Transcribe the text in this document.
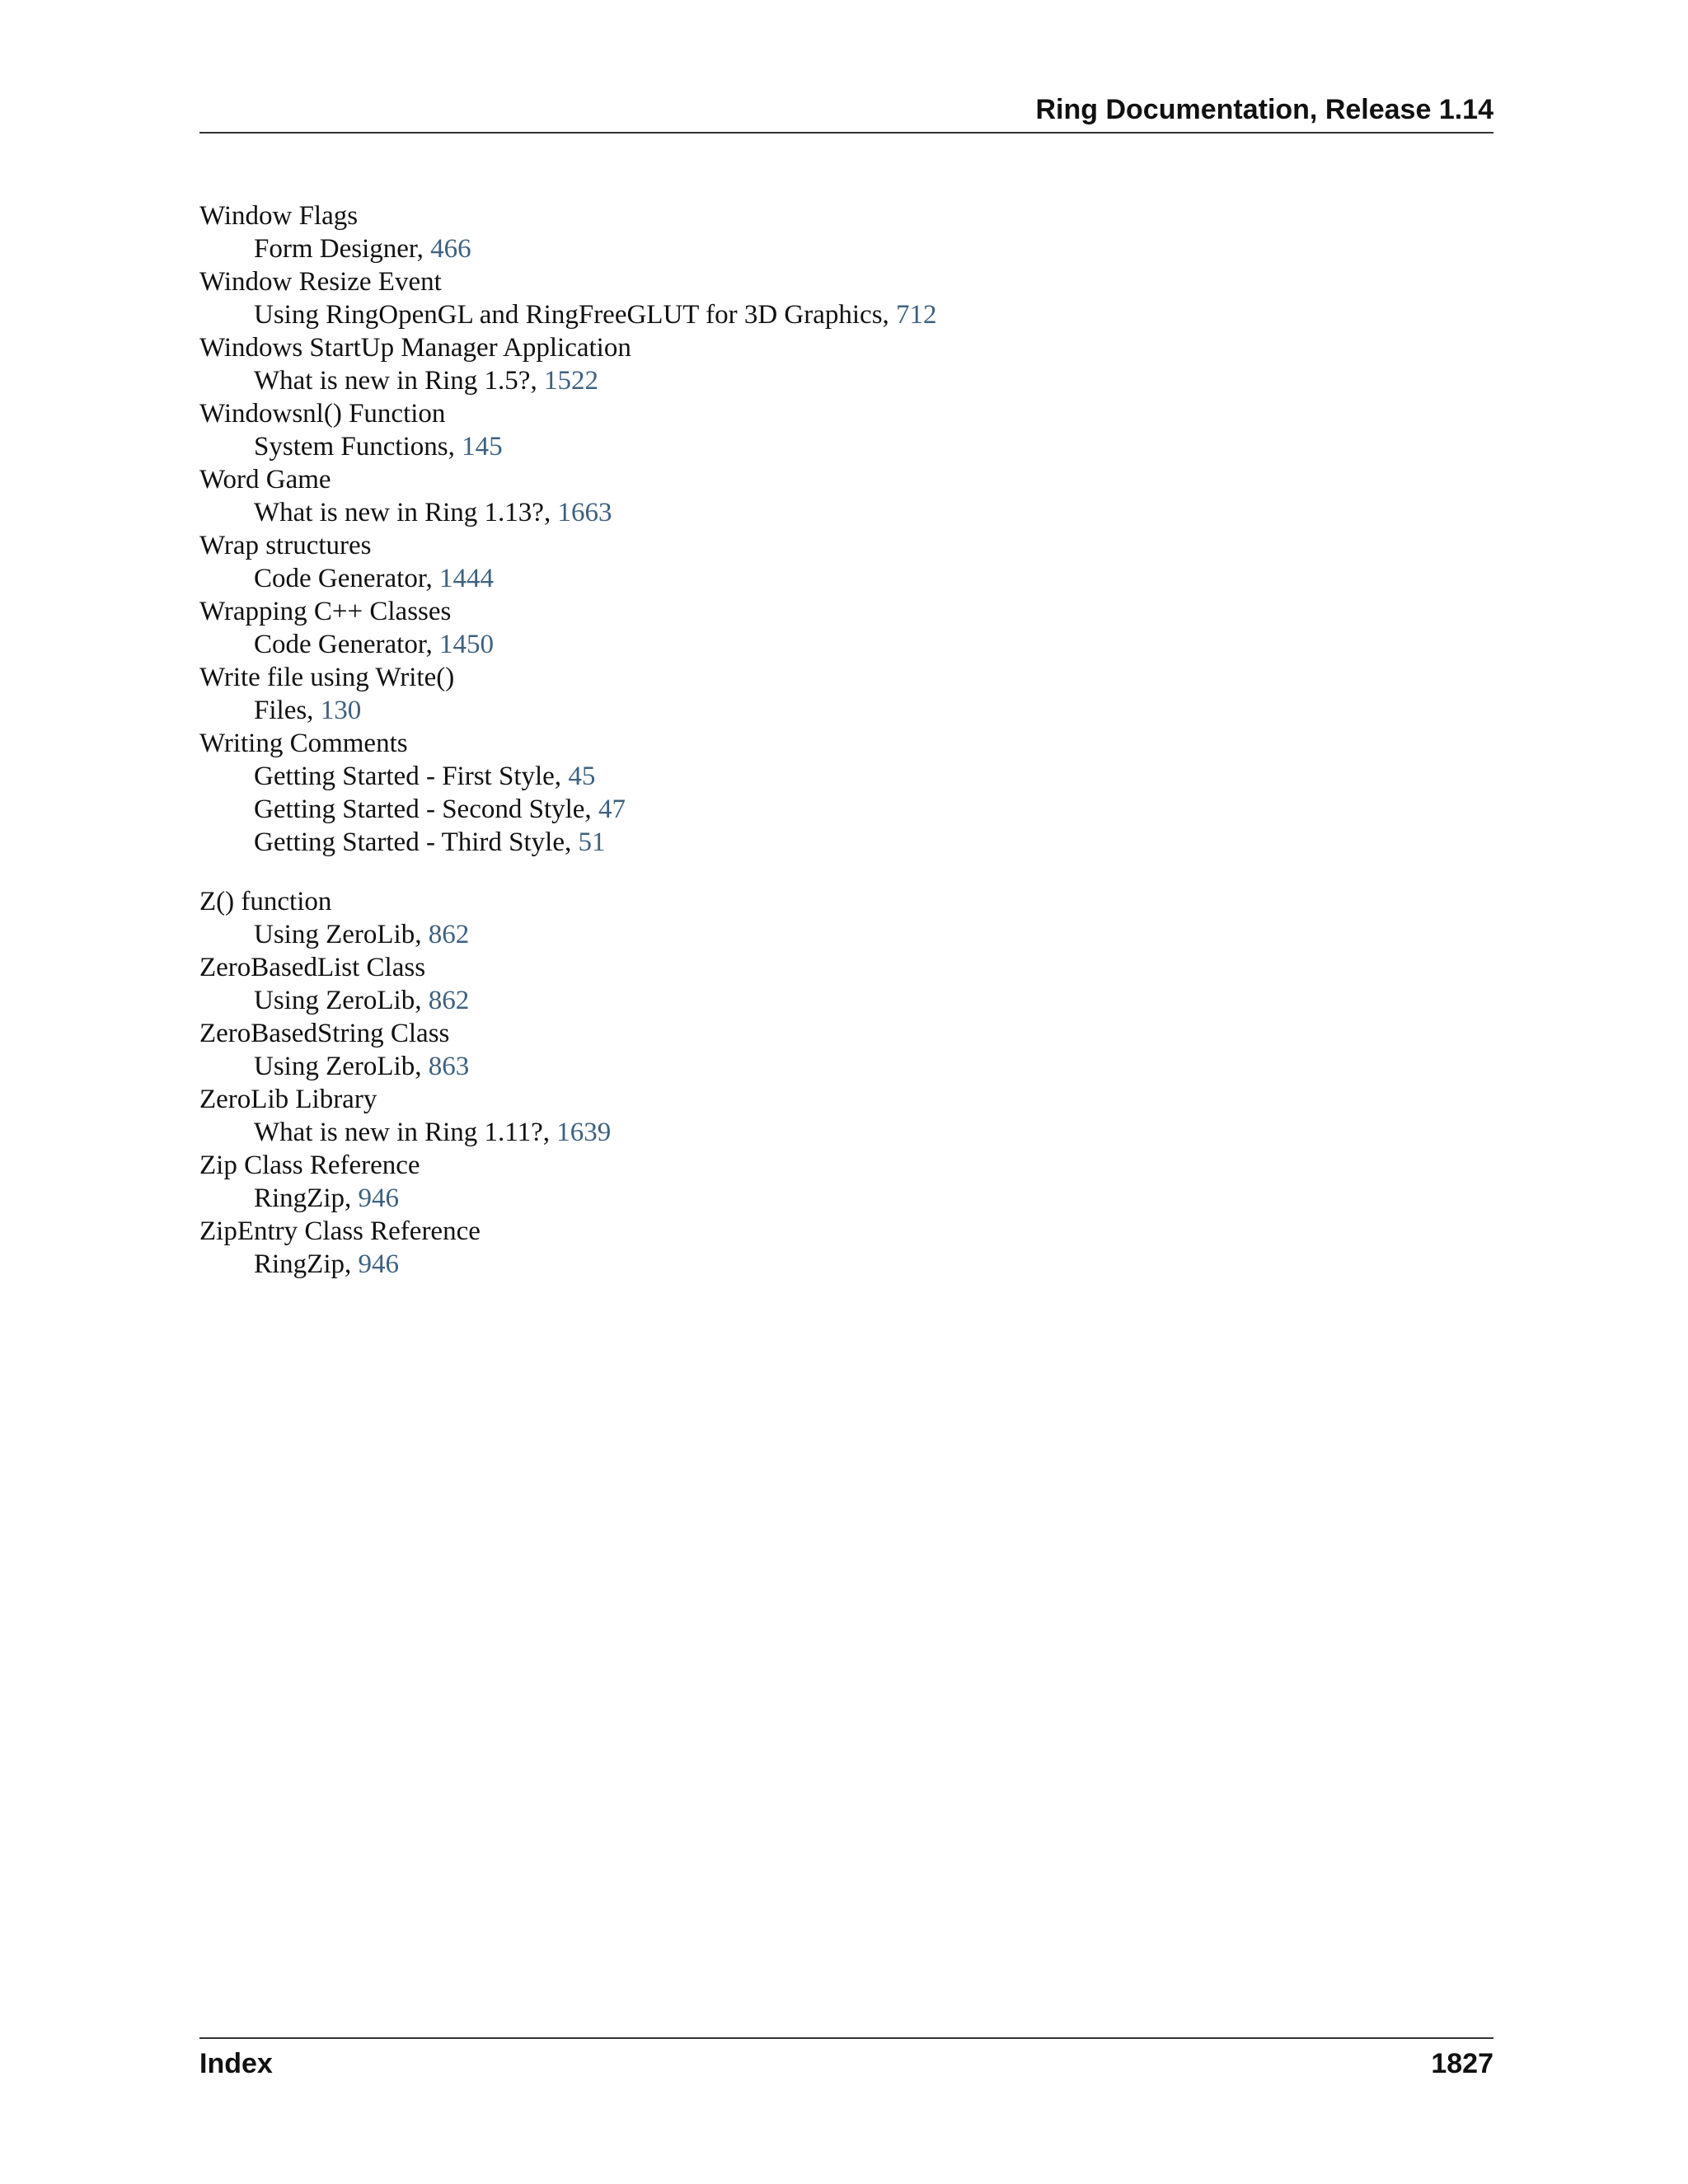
Ring Documentation, Release 1.14
Window Flags
Form Designer, 466
Window Resize Event
Using RingOpenGL and RingFreeGLUT for 3D Graphics, 712
Windows StartUp Manager Application
What is new in Ring 1.5?, 1522
Windowsnl() Function
System Functions, 145
Word Game
What is new in Ring 1.13?, 1663
Wrap structures
Code Generator, 1444
Wrapping C++ Classes
Code Generator, 1450
Write file using Write()
Files, 130
Writing Comments
Getting Started - First Style, 45
Getting Started - Second Style, 47
Getting Started - Third Style, 51
Z() function
Using ZeroLib, 862
ZeroBasedList Class
Using ZeroLib, 862
ZeroBasedString Class
Using ZeroLib, 863
ZeroLib Library
What is new in Ring 1.11?, 1639
Zip Class Reference
RingZip, 946
ZipEntry Class Reference
RingZip, 946
Index	1827
